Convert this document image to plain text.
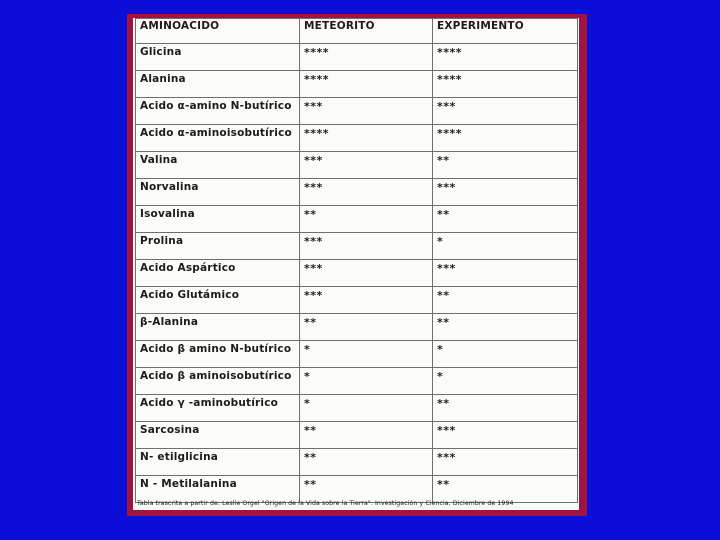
AMINOACIDO	METEORITO	EXPERIMENTO
Glicina	****	****
Alanina	****	****
Acido α-amino N-butírico	***	***
Acido α-aminoisobutírico	****	****
Valina	***	**
Norvalina	***	***
Isovalina	**	**
Prolina	***	*
Acido Aspártico	***	***
Acido Glutámico	***	**
β-Alanina	**	**
Acido β amino N-butírico	*	*
Acido β aminoisobutírico	*	*
Acido γ -aminobutírico	*	**
Sarcosina	**	***
N- etilglicina	**	***
N - Metilalanina	**	**
Tabla trascrita a partir de: Leslie Orgel "Origen de la Vida sobre la Tierra". Investigación y Ciencia, Diciembre de 1994
